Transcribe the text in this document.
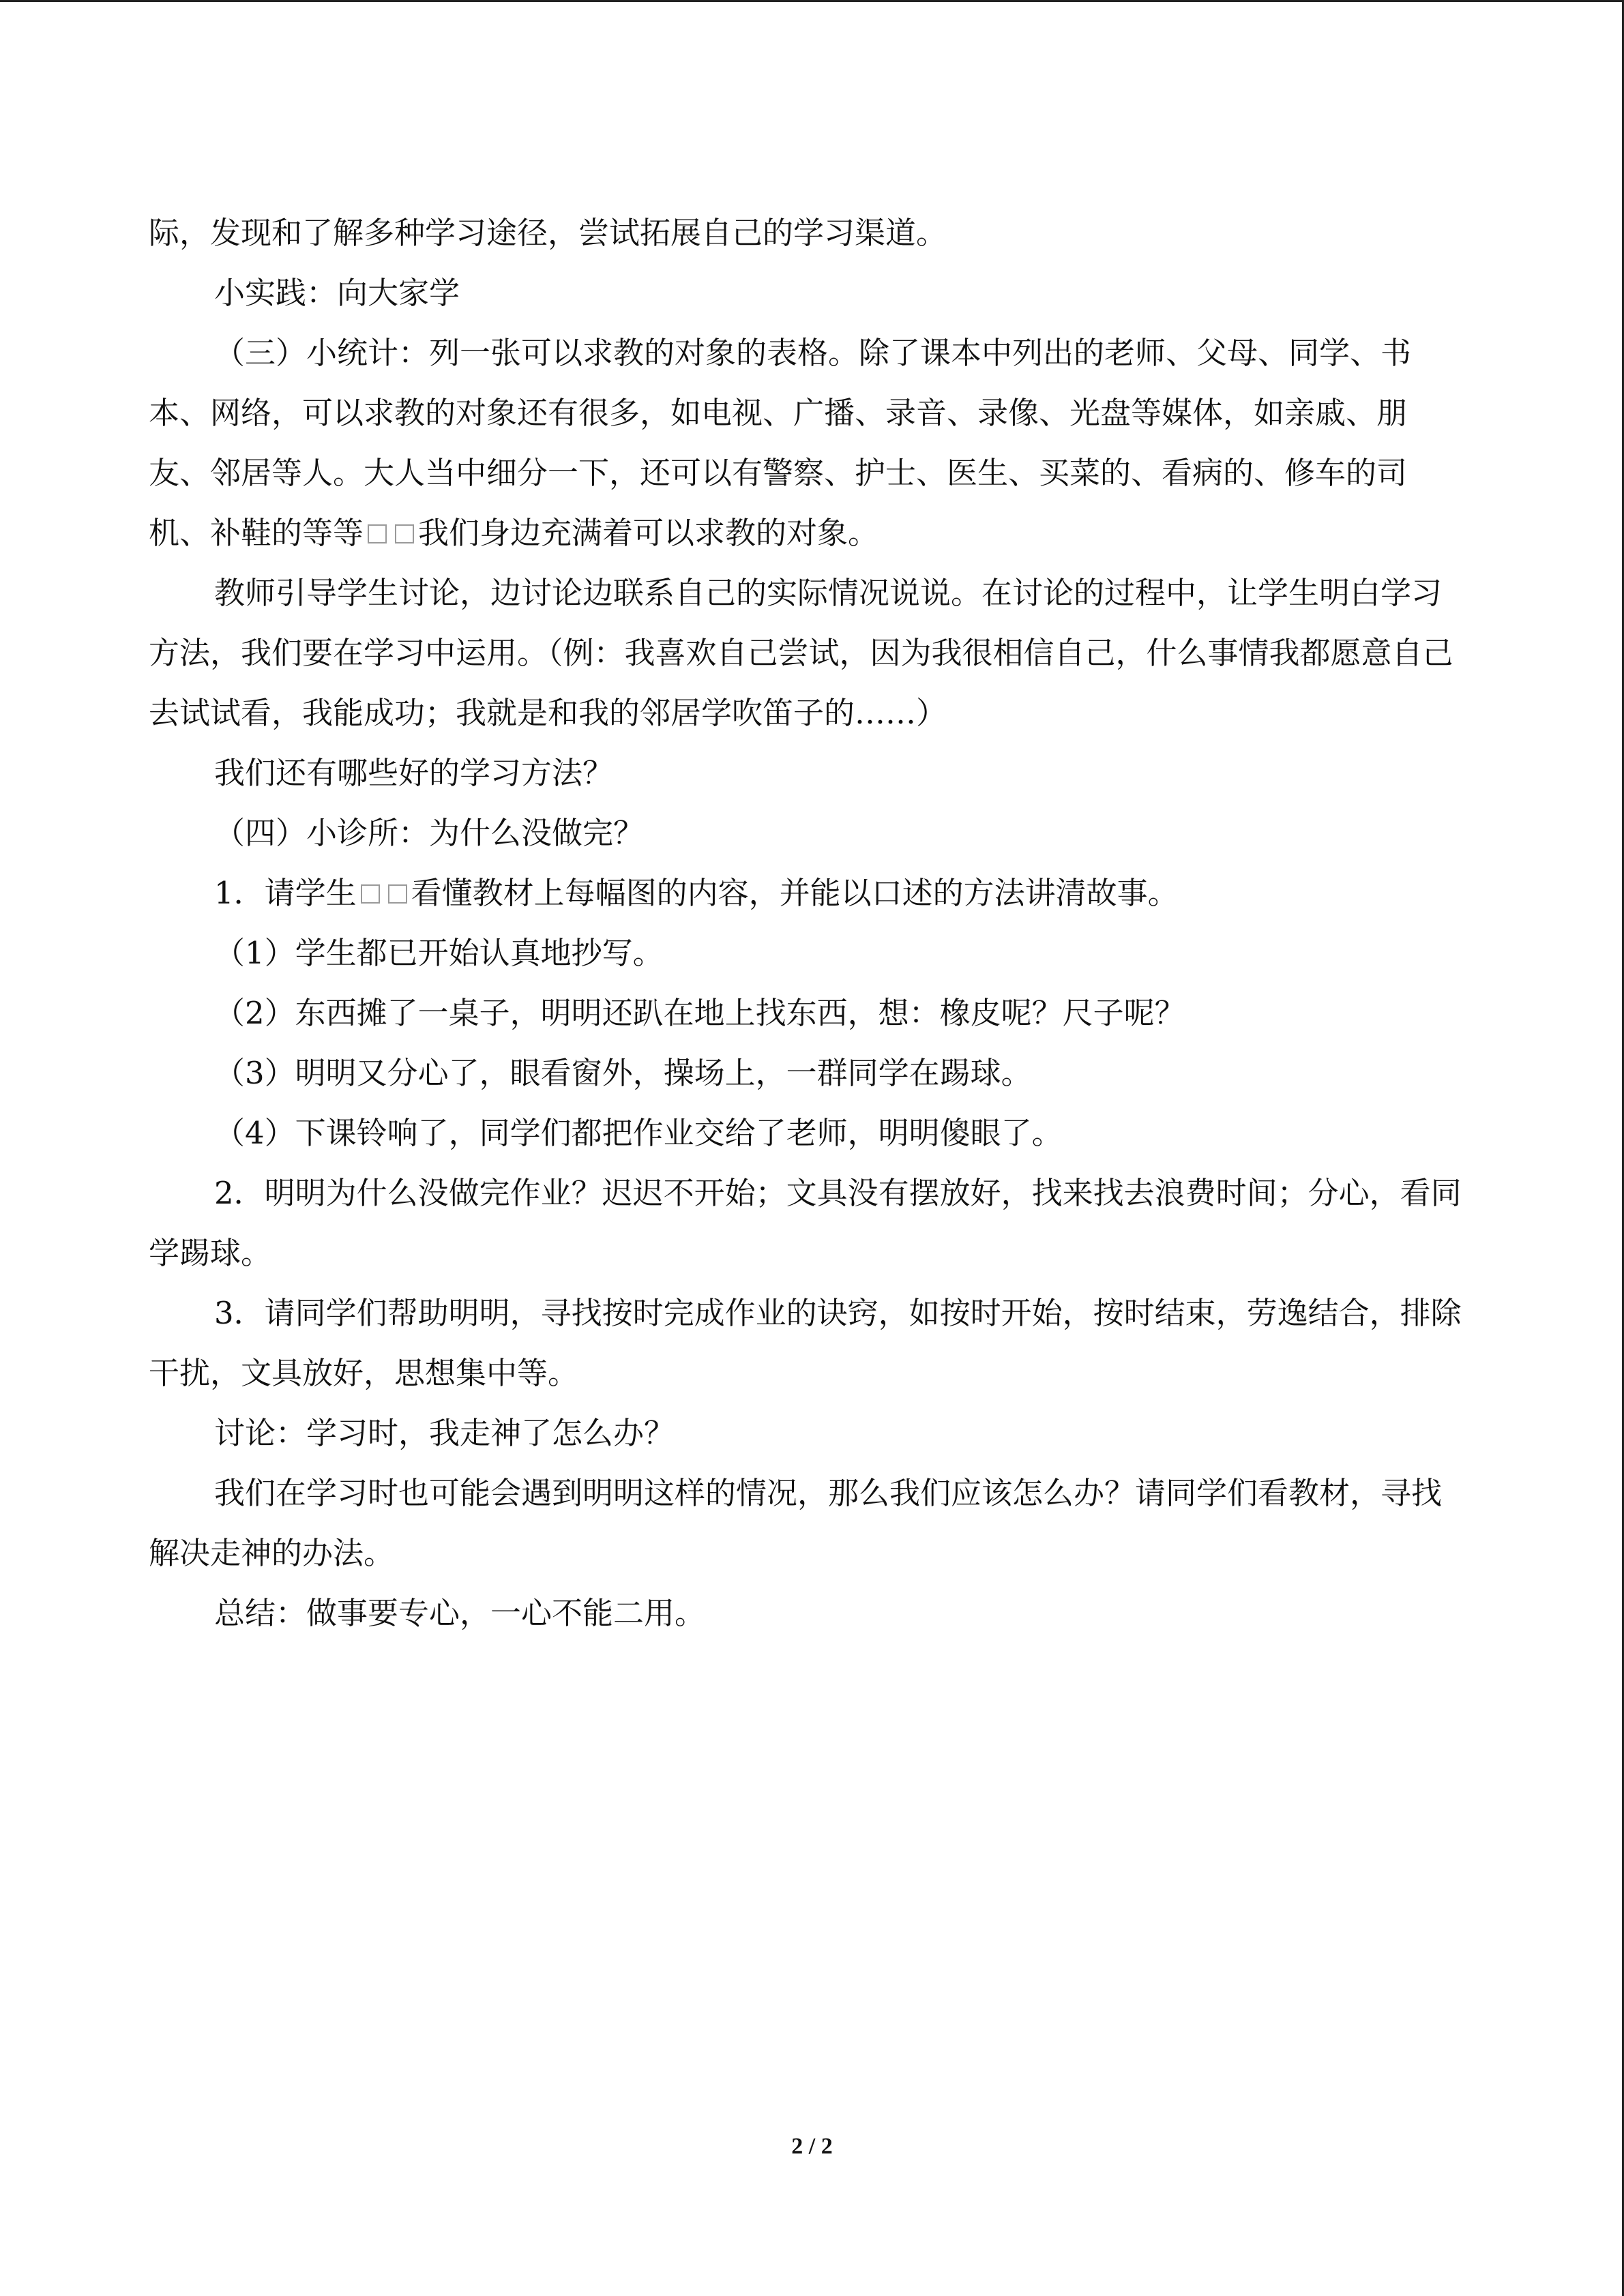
际，发现和了解多种学习途径，尝试拓展自己的学习渠道。

小实践：向大家学

（三）小统计：列一张可以求教的对象的表格。除了课本中列出的老师、父母、同学、书本、网络，可以求教的对象还有很多，如电视、广播、录音、录像、光盘等媒体，如亲戚、朋友、邻居等人。大人当中细分一下，还可以有警察、护士、医生、买菜的、看病的、修车的司机、补鞋的等等 我们身边充满着可以求教的对象。

教师引导学生讨论，边讨论边联系自己的实际情况说说。在讨论的过程中，让学生明白学习方法，我们要在学习中运用。（例：我喜欢自己尝试，因为我很相信自己，什么事情我都愿意自己去试试看，我能成功；我就是和我的邻居学吹笛子的……）

我们还有哪些好的学习方法？

（四）小诊所：为什么没做完？

1．请学生 看懂教材上每幅图的内容，并能以口述的方法讲清故事。

（1）学生都已开始认真地抄写。

（2）东西摊了一桌子，明明还趴在地上找东西，想：橡皮呢？尺子呢？

（3）明明又分心了，眼看窗外，操场上，一群同学在踢球。

（4）下课铃响了，同学们都把作业交给了老师，明明傻眼了。

2．明明为什么没做完作业？迟迟不开始；文具没有摆放好，找来找去浪费时间；分心，看同学踢球。

3．请同学们帮助明明，寻找按时完成作业的诀窍，如按时开始，按时结束，劳逸结合，排除干扰，文具放好，思想集中等。

讨论：学习时，我走神了怎么办？

我们在学习时也可能会遇到明明这样的情况，那么我们应该怎么办？请同学们看教材，寻找解决走神的办法。

总结：做事要专心，一心不能二用。

2 / 2
